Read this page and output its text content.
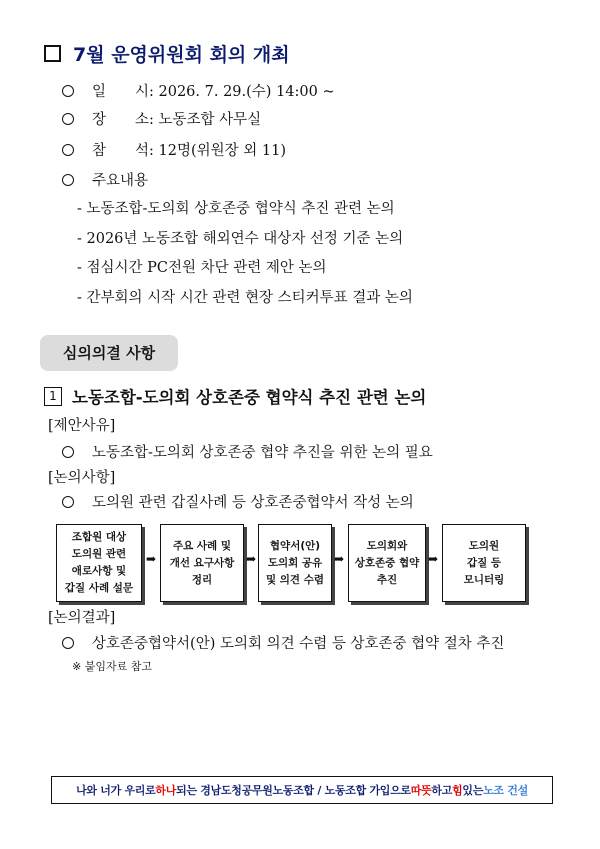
7월 운영위원회 회의 개최
일　　시: 2026. 7. 29.(수) 14:00 ~
장　　소: 노동조합 사무실
참　　석: 12명(위원장 외 11)
주요내용
- 노동조합-도의회 상호존중 협약식 추진 관련 논의
- 2026년 노동조합 해외연수 대상자 선정 기준 논의
- 점심시간 PC전원 차단 관련 제안 논의
- 간부회의 시작 시간 관련 현장 스티커투표 결과 논의
심의의결 사항
1 노동조합-도의회 상호존중 협약식 추진 관련 논의
[제안사유]
노동조합-도의회 상호존중 협약 추진을 위한 논의 필요
[논의사항]
도의원 관련 갑질사례 등 상호존중협약서 작성 논의
조합원 대상
도의원 관련
애로사항 및
갑질 사례 설문
➡
주요 사례 및
개선 요구사항
정리
➡
협약서(안)
도의회 공유
및 의견 수렴
➡
도의회와
상호존중 협약
추진
➡
도의원
갑질 등
모니터링
[논의결과]
상호존중협약서(안) 도의회 의견 수렴 등 상호존중 협약 절차 추진
※ 붙임자료 참고
나와 너가 우리로 하나 되는 경남도청공무원노동조합 / 노동조합 가입으로 따뜻 하고 힘 있는 노조 건설
